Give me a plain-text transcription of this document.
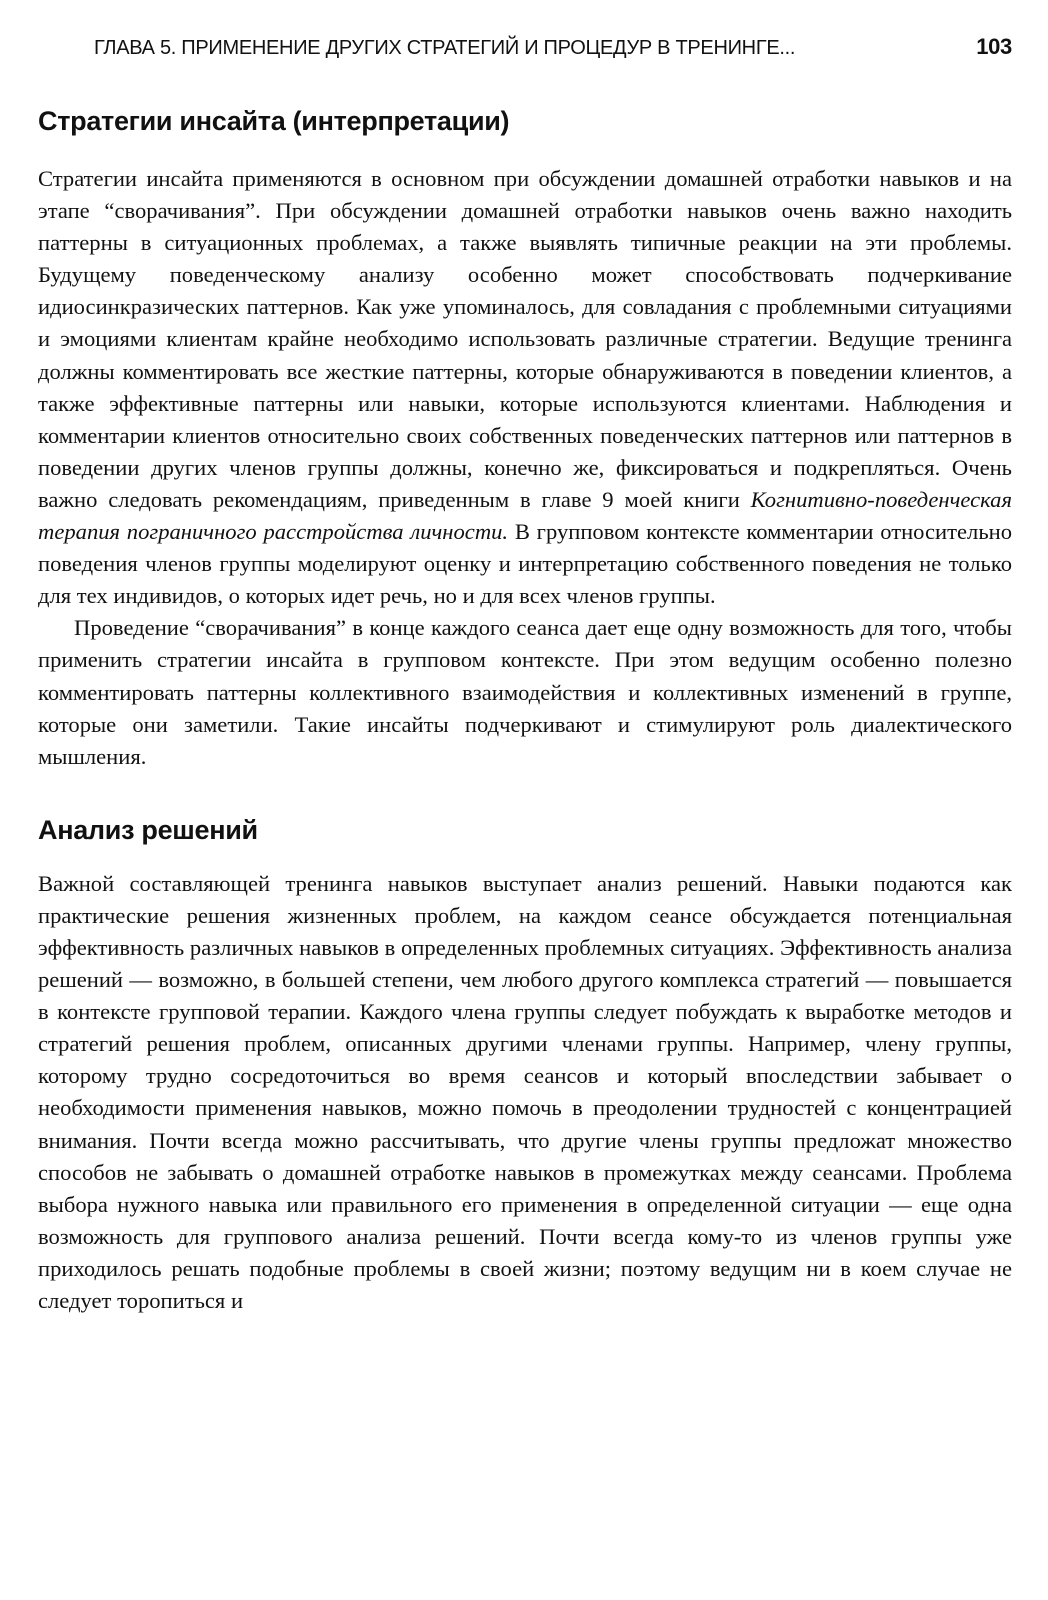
ГЛАВА 5. ПРИМЕНЕНИЕ ДРУГИХ СТРАТЕГИЙ И ПРОЦЕДУР В ТРЕНИНГЕ...	103
Стратегии инсайта (интерпретации)

Стратегии инсайта применяются в основном при обсуждении домашней отработки навыков и на этапе “сворачивания”. При обсуждении домашней отработки навыков очень важно находить паттерны в ситуационных проблемах, а также выявлять типичные реакции на эти проблемы. Будущему поведенческому анализу особенно может способствовать подчеркивание идиосинкразических паттернов. Как уже упоминалось, для совладания с проблемными ситуациями и эмоциями клиентам крайне необходимо использовать различные стратегии. Ведущие тренинга должны комментировать все жесткие паттерны, которые обнаруживаются в поведении клиентов, а также эффективные паттерны или навыки, которые используются клиентами. Наблюдения и комментарии клиентов относительно своих собственных поведенческих паттернов или паттернов в поведении других членов группы должны, конечно же, фиксироваться и подкрепляться. Очень важно следовать рекомендациям, приведенным в главе 9 моей книги Когнитивно-поведенческая терапия пограничного расстройства личности. В групповом контексте комментарии относительно поведения членов группы моделируют оценку и интерпретацию собственного поведения не только для тех индивидов, о которых идет речь, но и для всех членов группы.

Проведение “сворачивания” в конце каждого сеанса дает еще одну возможность для того, чтобы применить стратегии инсайта в групповом контексте. При этом ведущим особенно полезно комментировать паттерны коллективного взаимодействия и коллективных изменений в группе, которые они заметили. Такие инсайты подчеркивают и стимулируют роль диалектического мышления.

Анализ решений

Важной составляющей тренинга навыков выступает анализ решений. Навыки подаются как практические решения жизненных проблем, на каждом сеансе обсуждается потенциальная эффективность различных навыков в определенных проблемных ситуациях. Эффективность анализа решений — возможно, в большей степени, чем любого другого комплекса стратегий — повышается в контексте групповой терапии. Каждого члена группы следует побуждать к выработке методов и стратегий решения проблем, описанных другими членами группы. Например, члену группы, которому трудно сосредоточиться во время сеансов и который впоследствии забывает о необходимости применения навыков, можно помочь в преодолении трудностей с концентрацией внимания. Почти всегда можно рассчитывать, что другие члены группы предложат множество способов не забывать о домашней отработке навыков в промежутках между сеансами. Проблема выбора нужного навыка или правильного его применения в определенной ситуации — еще одна возможность для группового анализа решений. Почти всегда кому-то из членов группы уже приходилось решать подобные проблемы в своей жизни; поэтому ведущим ни в коем случае не следует торопиться и
